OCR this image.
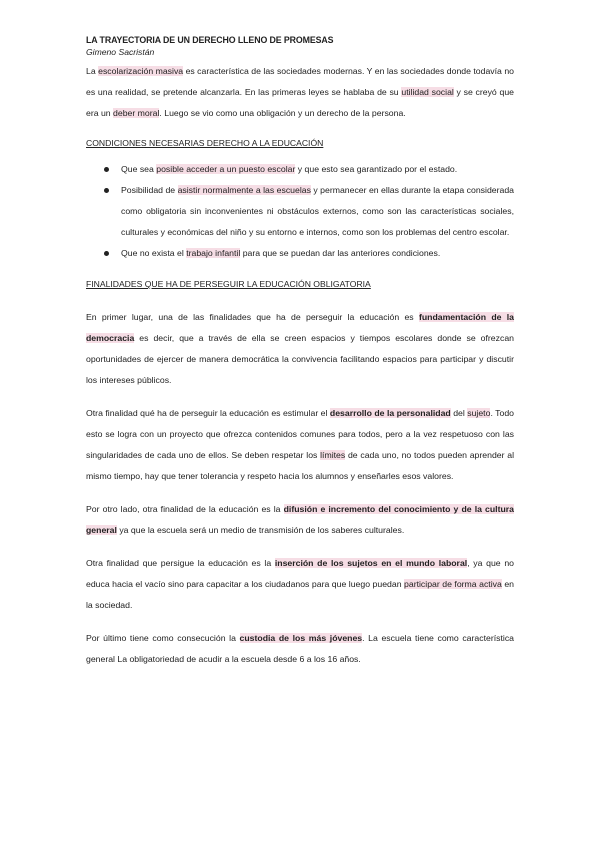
LA TRAYECTORIA DE UN DERECHO LLENO DE PROMESAS

Gimeno Sacristán

La escolarización masiva es característica de las sociedades modernas. Y en las sociedades donde todavía no es una realidad, se pretende alcanzarla. En las primeras leyes se hablaba de su utilidad social y se creyó que era un deber moral. Luego se vio como una obligación y un derecho de la persona.

CONDICIONES NECESARIAS DERECHO A LA EDUCACIÓN

Que sea posible acceder a un puesto escolar y que esto sea garantizado por el estado.
Posibilidad de asistir normalmente a las escuelas y permanecer en ellas durante la etapa considerada como obligatoria sin inconvenientes ni obstáculos externos, como son las características sociales, culturales y económicas del niño y su entorno e internos, como son los problemas del centro escolar.
Que no exista el trabajo infantil para que se puedan dar las anteriores condiciones.

FINALIDADES QUE HA DE PERSEGUIR LA EDUCACIÓN OBLIGATORIA

En primer lugar, una de las finalidades que ha de perseguir la educación es fundamentación de la democracia es decir, que a través de ella se creen espacios y tiempos escolares donde se ofrezcan oportunidades de ejercer de manera democrática la convivencia facilitando espacios para participar y discutir los intereses públicos.

Otra finalidad qué ha de perseguir la educación es estimular el desarrollo de la personalidad del sujeto. Todo esto se logra con un proyecto que ofrezca contenidos comunes para todos, pero a la vez respetuoso con las singularidades de cada uno de ellos. Se deben respetar los límites de cada uno, no todos pueden aprender al mismo tiempo, hay que tener tolerancia y respeto hacia los alumnos y enseñarles esos valores.

Por otro lado, otra finalidad de la educación es la difusión e incremento del conocimiento y de la cultura general ya que la escuela será un medio de transmisión de los saberes culturales.

Otra finalidad que persigue la educación es la inserción de los sujetos en el mundo laboral, ya que no educa hacia el vacío sino para capacitar a los ciudadanos para que luego puedan participar de forma activa en la sociedad.

Por último tiene como consecución la custodia de los más jóvenes. La escuela tiene como característica general La obligatoriedad de acudir a la escuela desde 6 a los 16 años.
